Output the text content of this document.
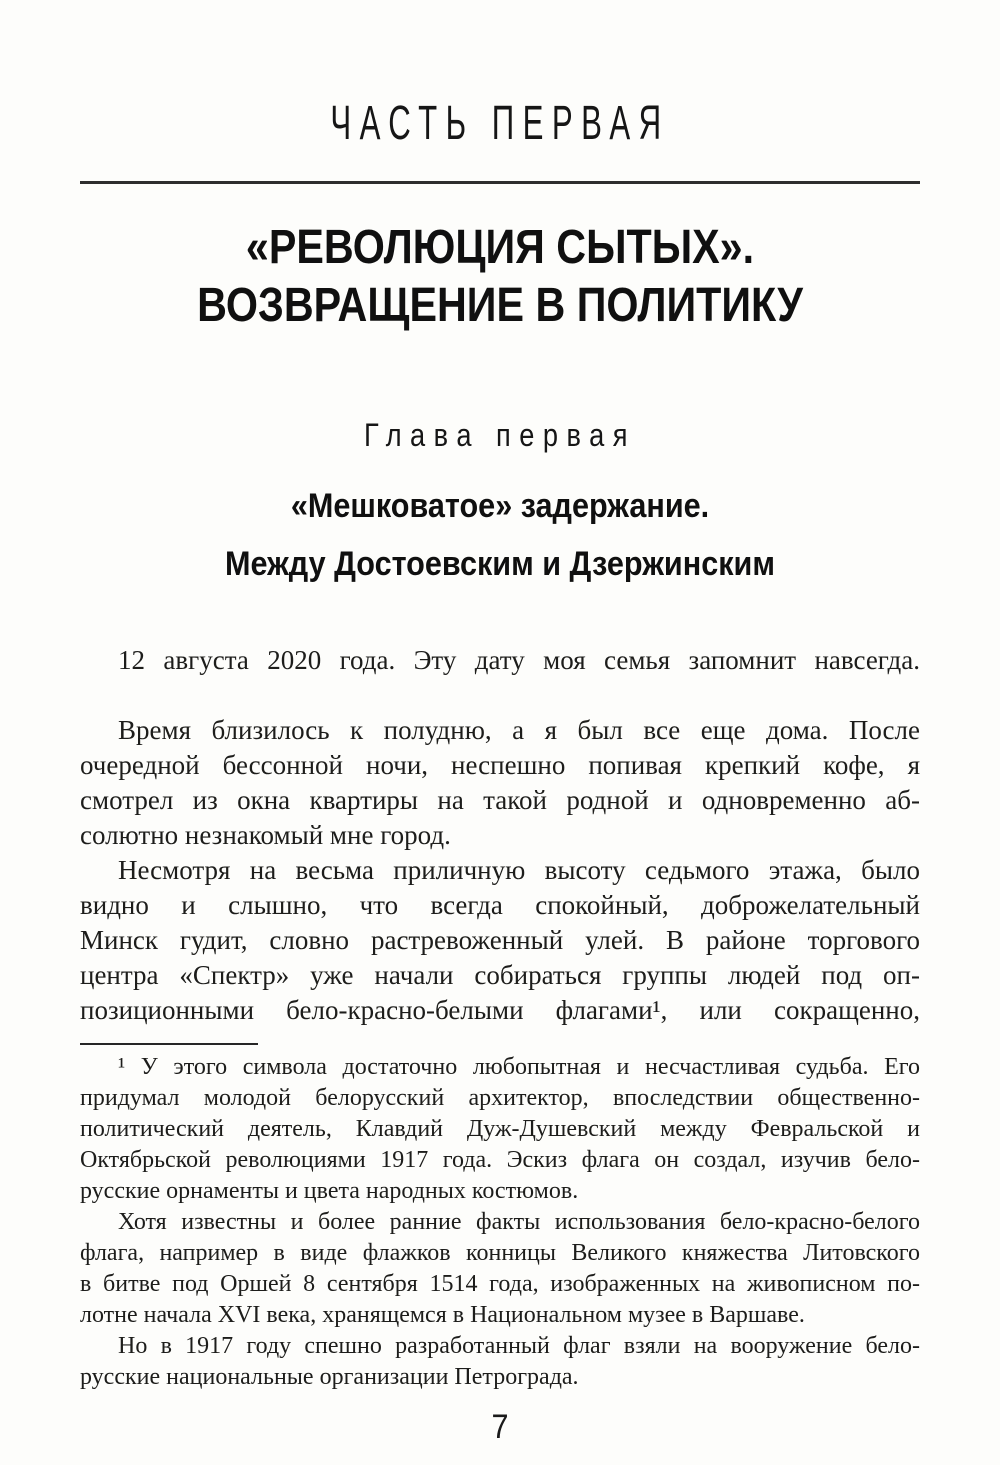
ЧАСТЬ ПЕРВАЯ
«РЕВОЛЮЦИЯ СЫТЫХ».
ВОЗВРАЩЕНИЕ В ПОЛИТИКУ
Глава первая
«Мешковатое» задержание.
Между Достоевским и Дзержинским

12 августа 2020 года. Эту дату моя семья запомнит навсегда.

Время близилось к полудню, а я был все еще дома. После
очередной бессонной ночи, неспешно попивая крепкий кофе, я
смотрел из окна квартиры на такой родной и одновременно аб-
солютно незнакомый мне город.

Несмотря на весьма приличную высоту седьмого этажа, было
видно и слышно, что всегда спокойный, доброжелательный
Минск гудит, словно растревоженный улей. В районе торгового
центра «Спектр» уже начали собираться группы людей под оп-
позиционными бело-красно-белыми флагами¹, или сокращенно,

¹ У этого символа достаточно любопытная и несчастливая судьба. Его
придумал молодой белорусский архитектор, впоследствии общественно-
политический деятель, Клавдий Дуж-Душевский между Февральской и
Октябрьской революциями 1917 года. Эскиз флага он создал, изучив бело-
русские орнаменты и цвета народных костюмов.

Хотя известны и более ранние факты использования бело-красно-белого
флага, например в виде флажков конницы Великого княжества Литовского
в битве под Оршей 8 сентября 1514 года, изображенных на живописном по-
лотне начала XVI века, хранящемся в Национальном музее в Варшаве.

Но в 1917 году спешно разработанный флаг взяли на вооружение бело-
русские национальные организации Петрограда.

7
